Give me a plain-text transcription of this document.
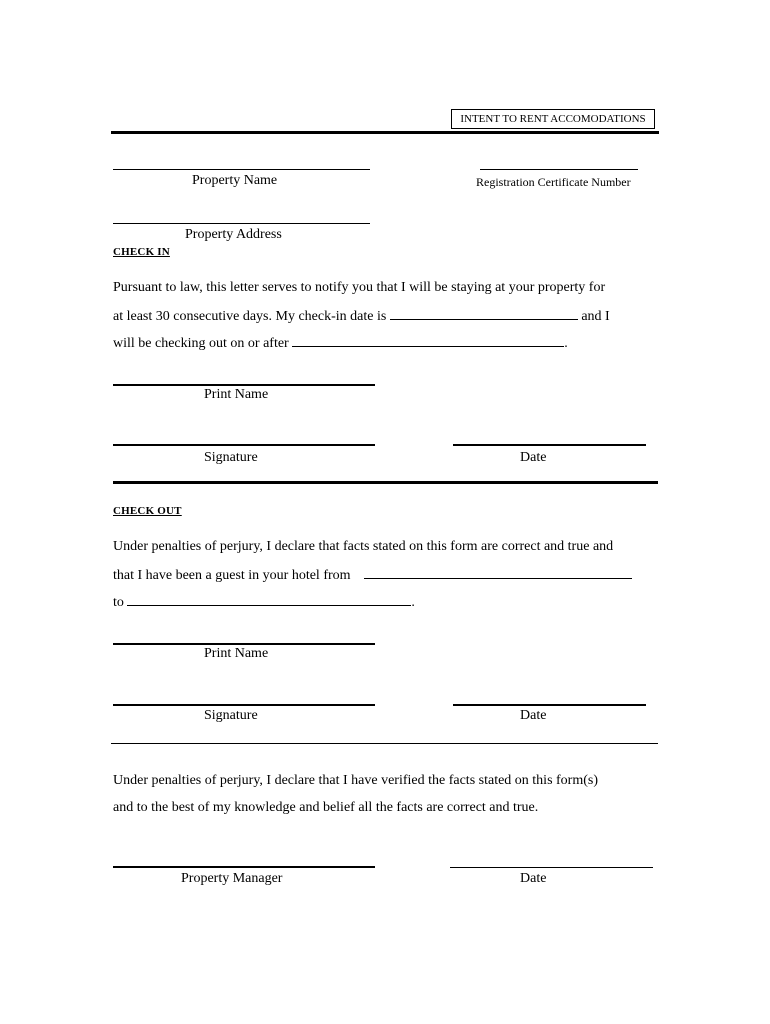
INTENT TO RENT ACCOMODATIONS
Property Name	Registration Certificate Number
Property Address
CHECK IN
Pursuant to law, this letter serves to notify you that I will be staying at your property for
at least 30 consecutive days. My check-in date is	and I
will be checking out on or after	.
Print Name
Signature	Date
CHECK OUT
Under penalties of perjury, I declare that facts stated on this form are correct and true and
that I have been a guest in your hotel from
to	.
Print Name
Signature	Date
Under penalties of perjury, I declare that I have verified the facts stated on this form(s)
and to the best of my knowledge and belief all the facts are correct and true.
Property Manager	Date
